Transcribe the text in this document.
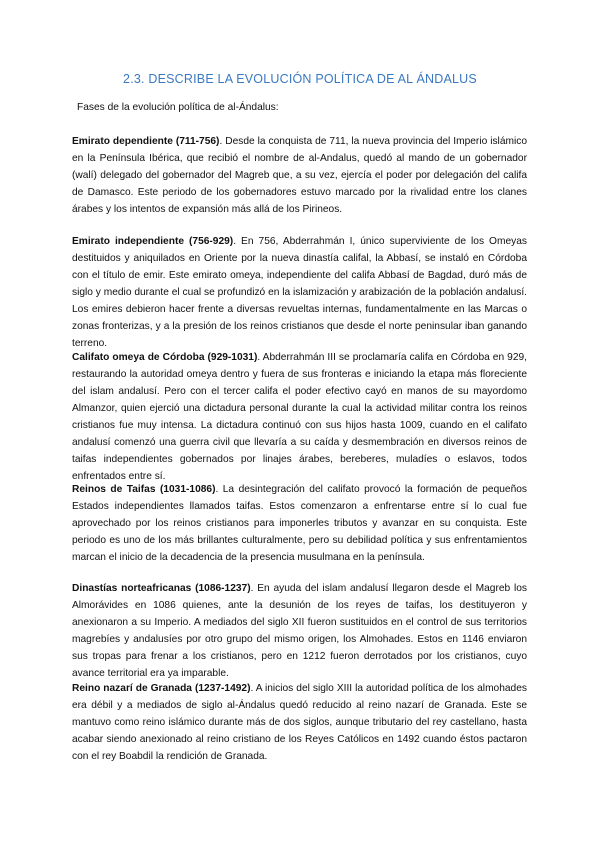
2.3. DESCRIBE LA EVOLUCIÓN POLÍTICA DE AL ÁNDALUS

Fases de la evolución política de al-Ándalus:

Emirato dependiente (711-756). Desde la conquista de 711, la nueva provincia del Imperio islámico en la Península Ibérica, que recibió el nombre de al-Andalus, quedó al mando de un gobernador (walí) delegado del gobernador del Magreb que, a su vez, ejercía el poder por delegación del califa de Damasco. Este periodo de los gobernadores estuvo marcado por la rivalidad entre los clanes árabes y los intentos de expansión más allá de los Pirineos.

Emirato independiente (756-929). En 756, Abderrahmán I, único superviviente de los Omeyas destituidos y aniquilados en Oriente por la nueva dinastía califal, la Abbasí, se instaló en Córdoba con el título de emir. Este emirato omeya, independiente del califa Abbasí de Bagdad, duró más de siglo y medio durante el cual se profundizó en la islamización y arabización de la población andalusí. Los emires debieron hacer frente a diversas revueltas internas, fundamentalmente en las Marcas o zonas fronterizas, y a la presión de los reinos cristianos que desde el norte peninsular iban ganando terreno.

Califato omeya de Córdoba (929-1031). Abderrahmán III se proclamaría califa en Córdoba en 929, restaurando la autoridad omeya dentro y fuera de sus fronteras e iniciando la etapa más floreciente del islam andalusí. Pero con el tercer califa el poder efectivo cayó en manos de su mayordomo Almanzor, quien ejerció una dictadura personal durante la cual la actividad militar contra los reinos cristianos fue muy intensa. La dictadura continuó con sus hijos hasta 1009, cuando en el califato andalusí comenzó una guerra civil que llevaría a su caída y desmembración en diversos reinos de taifas independientes gobernados por linajes árabes, bereberes, muladíes o eslavos, todos enfrentados entre sí.

Reinos de Taifas (1031-1086). La desintegración del califato provocó la formación de pequeños Estados independientes llamados taifas. Estos comenzaron a enfrentarse entre sí lo cual fue aprovechado por los reinos cristianos para imponerles tributos y avanzar en su conquista. Este periodo es uno de los más brillantes culturalmente, pero su debilidad política y sus enfrentamientos marcan el inicio de la decadencia de la presencia musulmana en la península.

Dinastías norteafricanas (1086-1237). En ayuda del islam andalusí llegaron desde el Magreb los Almorávides en 1086 quienes, ante la desunión de los reyes de taifas, los destituyeron y anexionaron a su Imperio. A mediados del siglo XII fueron sustituidos en el control de sus territorios magrebíes y andalusíes por otro grupo del mismo origen, los Almohades. Estos en 1146 enviaron sus tropas para frenar a los cristianos, pero en 1212 fueron derrotados por los cristianos, cuyo avance territorial era ya imparable.

Reino nazarí de Granada (1237-1492). A inicios del siglo XIII la autoridad política de los almohades era débil y a mediados de siglo al-Ándalus quedó reducido al reino nazarí de Granada. Este se mantuvo como reino islámico durante más de dos siglos, aunque tributario del rey castellano, hasta acabar siendo anexionado al reino cristiano de los Reyes Católicos en 1492 cuando éstos pactaron con el rey Boabdil la rendición de Granada.
